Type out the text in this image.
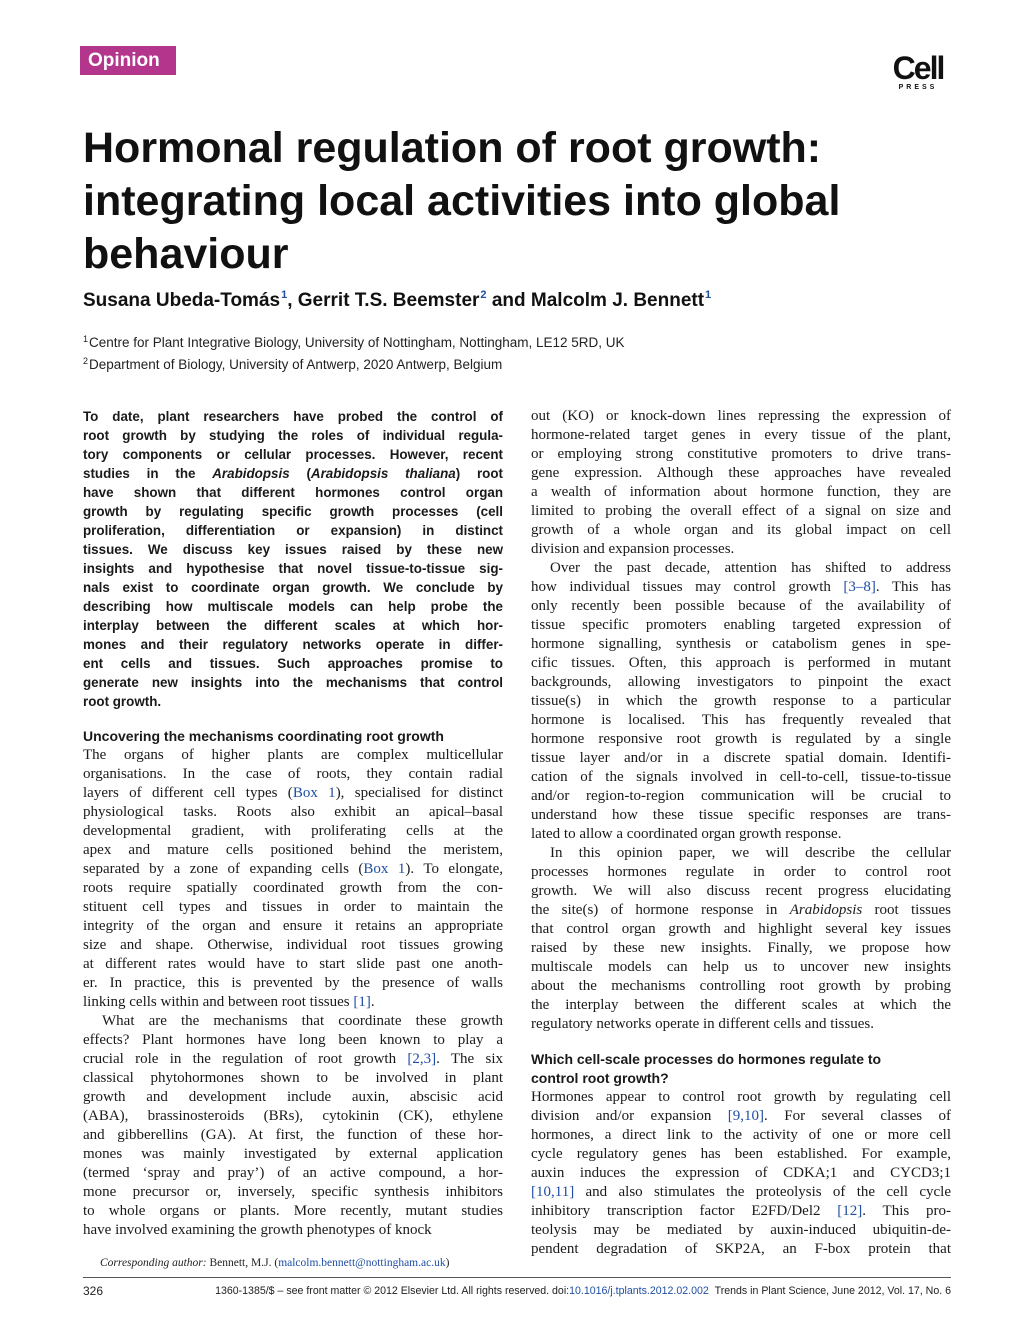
Opinion	Cell
PRESS
Hormonal regulation of root growth:
integrating local activities into global
behaviour
Susana Ubeda-Tomás$^1$, Gerrit T.S. Beemster$^2$ and Malcolm J. Bennett$^1$
$^1$Centre for Plant Integrative Biology, University of Nottingham, Nottingham, LE12 5RD, UK
$^2$Department of Biology, University of Antwerp, 2020 Antwerp, Belgium
To date, plant researchers have probed the control of
root growth by studying the roles of individual regula-
tory components or cellular processes. However, recent
studies in the Arabidopsis (Arabidopsis thaliana) root
have shown that different hormones control organ
growth by regulating specific growth processes (cell
proliferation, differentiation or expansion) in distinct
tissues. We discuss key issues raised by these new
insights and hypothesise that novel tissue-to-tissue sig-
nals exist to coordinate organ growth. We conclude by
describing how multiscale models can help probe the
interplay between the different scales at which hor-
mones and their regulatory networks operate in differ-
ent cells and tissues. Such approaches promise to
generate new insights into the mechanisms that control
root growth.
Uncovering the mechanisms coordinating root growth
The organs of higher plants are complex multicellular
organisations. In the case of roots, they contain radial
layers of different cell types (Box 1), specialised for distinct
physiological tasks. Roots also exhibit an apical–basal
developmental gradient, with proliferating cells at the
apex and mature cells positioned behind the meristem,
separated by a zone of expanding cells (Box 1). To elongate,
roots require spatially coordinated growth from the con-
stituent cell types and tissues in order to maintain the
integrity of the organ and ensure it retains an appropriate
size and shape. Otherwise, individual root tissues growing
at different rates would have to start slide past one anoth-
er. In practice, this is prevented by the presence of walls
linking cells within and between root tissues [1].
What are the mechanisms that coordinate these growth
effects? Plant hormones have long been known to play a
crucial role in the regulation of root growth [2,3]. The six
classical phytohormones shown to be involved in plant
growth and development include auxin, abscisic acid
(ABA), brassinosteroids (BRs), cytokinin (CK), ethylene
and gibberellins (GA). At first, the function of these hor-
mones was mainly investigated by external application
(termed ‘spray and pray’) of an active compound, a hor-
mone precursor or, inversely, specific synthesis inhibitors
to whole organs or plants. More recently, mutant studies
have involved examining the growth phenotypes of knock
out (KO) or knock-down lines repressing the expression of
hormone-related target genes in every tissue of the plant,
or employing strong constitutive promoters to drive trans-
gene expression. Although these approaches have revealed
a wealth of information about hormone function, they are
limited to probing the overall effect of a signal on size and
growth of a whole organ and its global impact on cell
division and expansion processes.
Over the past decade, attention has shifted to address
how individual tissues may control growth [3–8]. This has
only recently been possible because of the availability of
tissue specific promoters enabling targeted expression of
hormone signalling, synthesis or catabolism genes in spe-
cific tissues. Often, this approach is performed in mutant
backgrounds, allowing investigators to pinpoint the exact
tissue(s) in which the growth response to a particular
hormone is localised. This has frequently revealed that
hormone responsive root growth is regulated by a single
tissue layer and/or in a discrete spatial domain. Identifi-
cation of the signals involved in cell-to-cell, tissue-to-tissue
and/or region-to-region communication will be crucial to
understand how these tissue specific responses are trans-
lated to allow a coordinated organ growth response.
In this opinion paper, we will describe the cellular
processes hormones regulate in order to control root
growth. We will also discuss recent progress elucidating
the site(s) of hormone response in Arabidopsis root tissues
that control organ growth and highlight several key issues
raised by these new insights. Finally, we propose how
multiscale models can help us to uncover new insights
about the mechanisms controlling root growth by probing
the interplay between the different scales at which the
regulatory networks operate in different cells and tissues.
Which cell-scale processes do hormones regulate to
control root growth?
Hormones appear to control root growth by regulating cell
division and/or expansion [9,10]. For several classes of
hormones, a direct link to the activity of one or more cell
cycle regulatory genes has been established. For example,
auxin induces the expression of CDKA;1 and CYCD3;1
[10,11] and also stimulates the proteolysis of the cell cycle
inhibitory transcription factor E2FD/Del2 [12]. This pro-
teolysis may be mediated by auxin-induced ubiquitin-de-
pendent degradation of SKP2A, an F-box protein that
Corresponding author: Bennett, M.J. (malcolm.bennett@nottingham.ac.uk)
326	1360-1385/$ – see front matter © 2012 Elsevier Ltd. All rights reserved. doi:10.1016/j.tplants.2012.02.002 Trends in Plant Science, June 2012, Vol. 17, No. 6
